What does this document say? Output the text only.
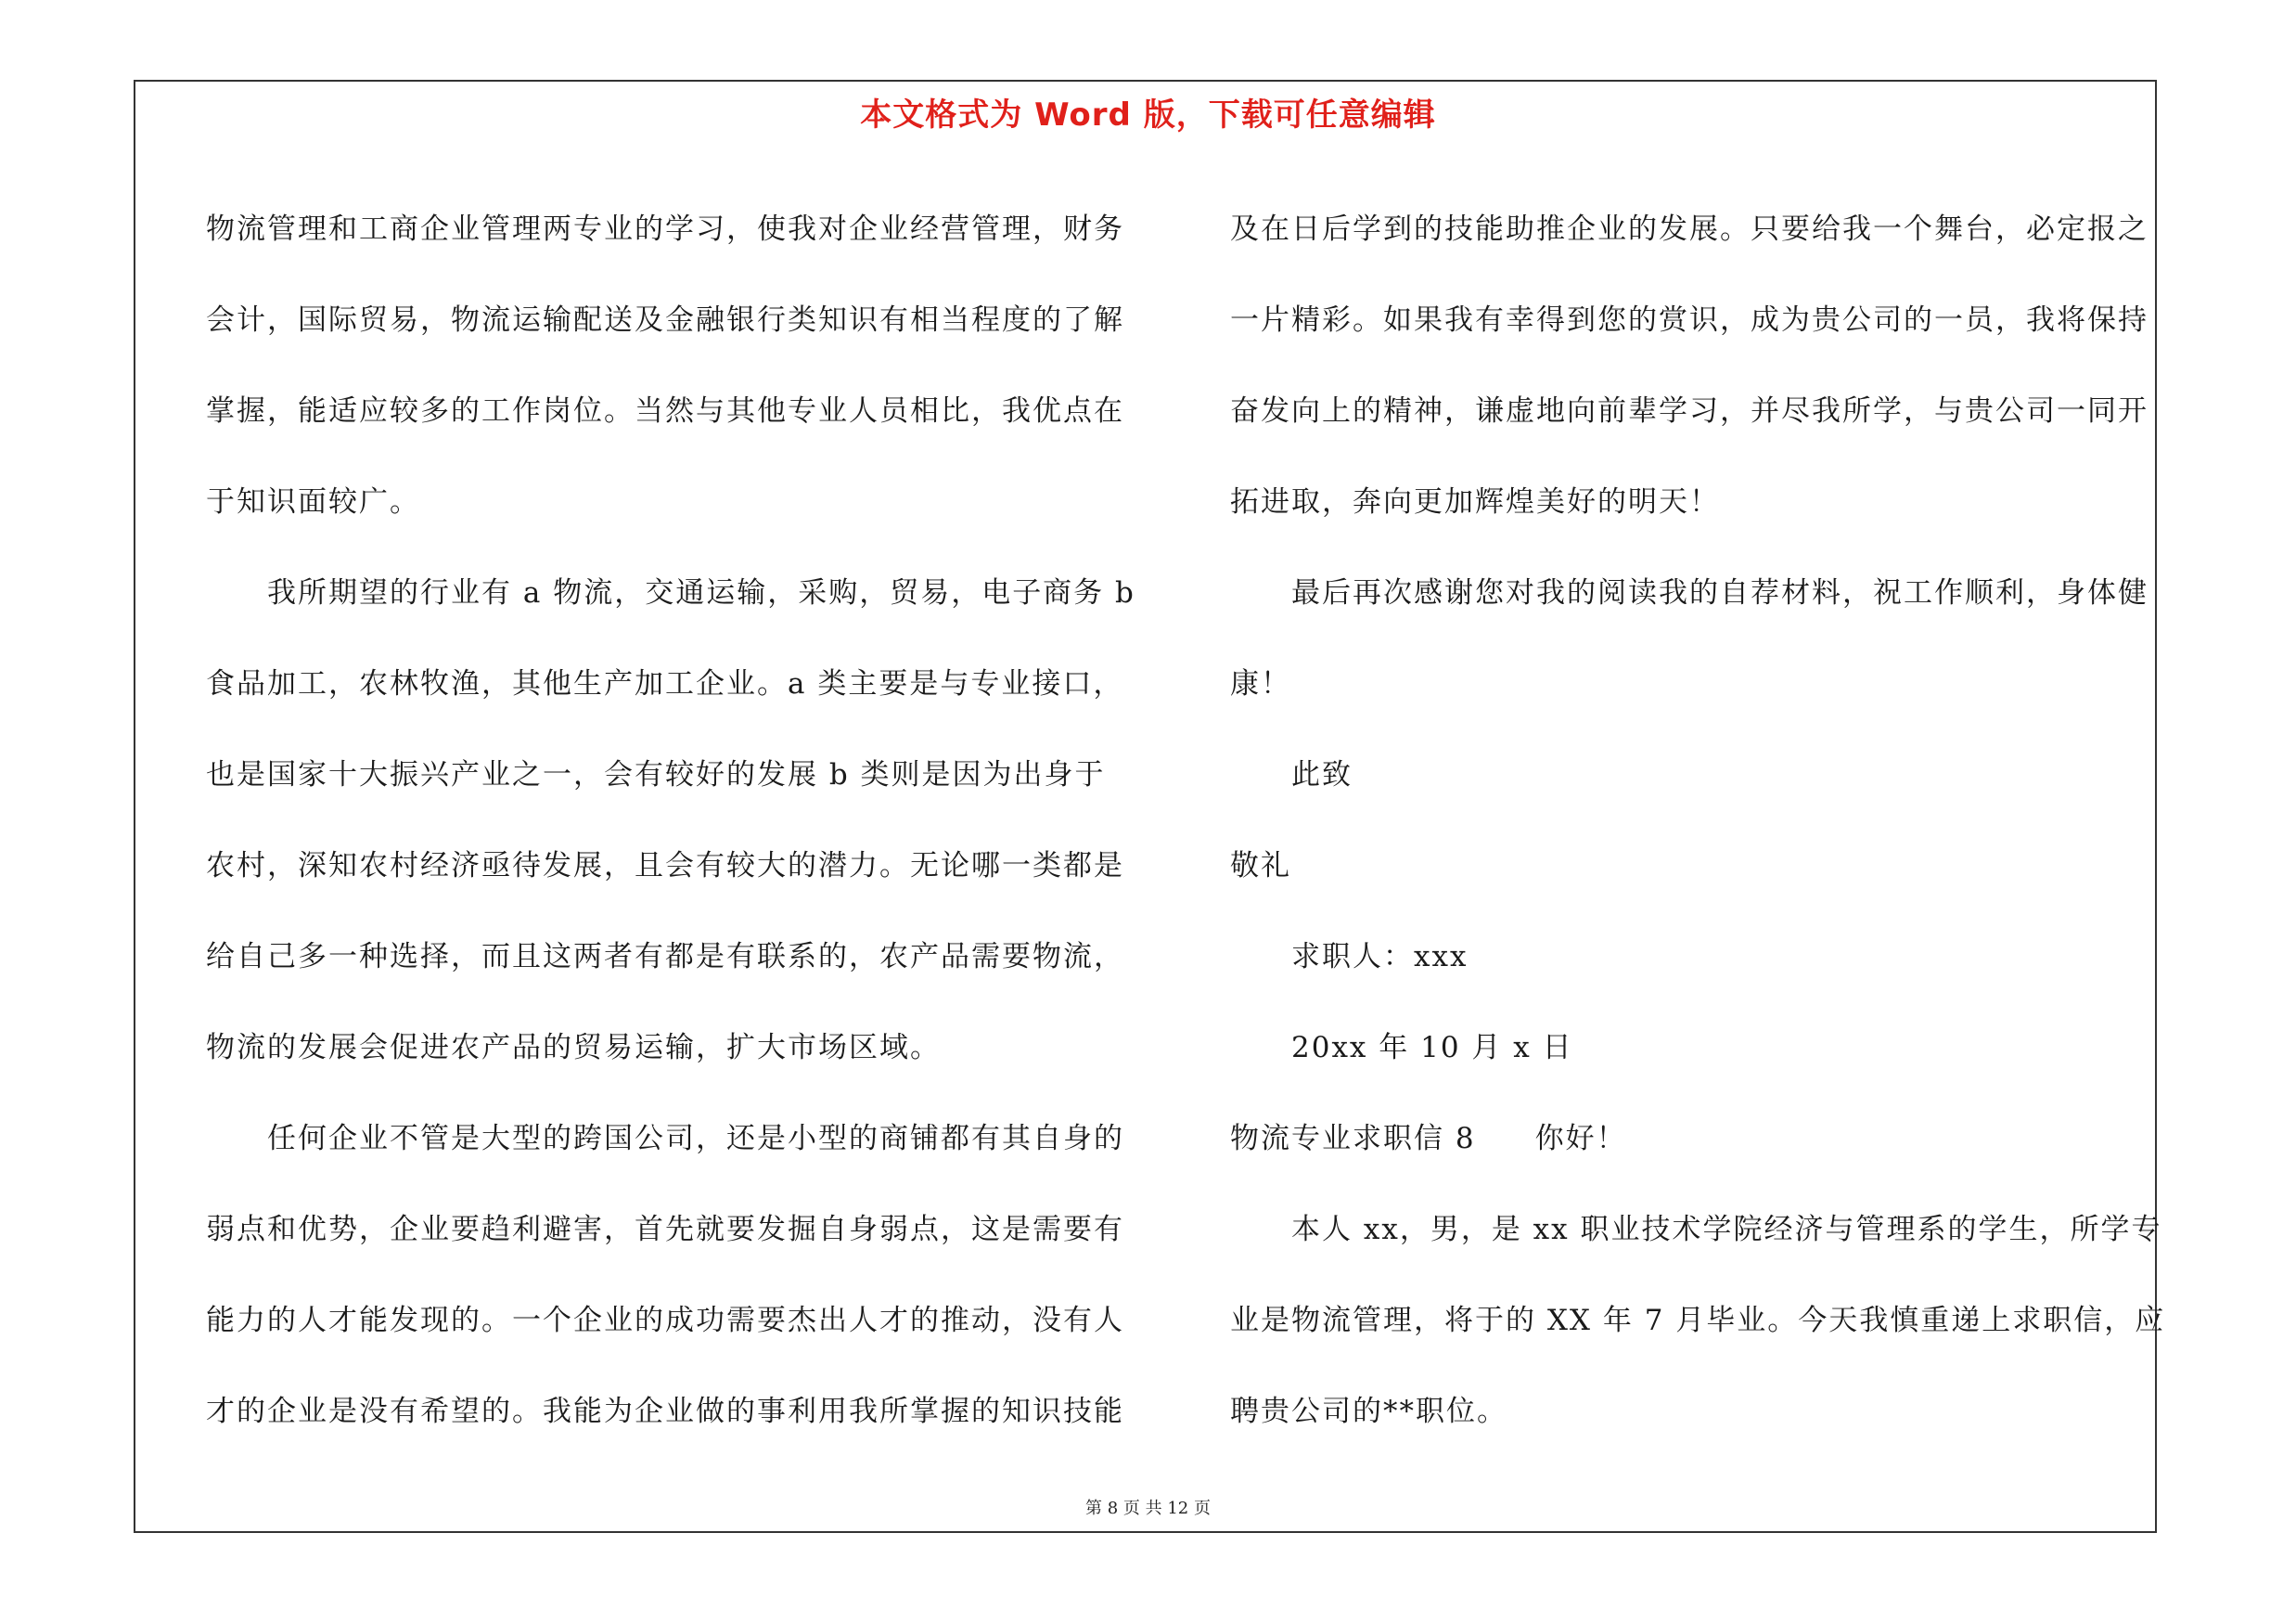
本文格式为 Word 版，下载可任意编辑
物流管理和工商企业管理两专业的学习，使我对企业经营管理，财务
会计，国际贸易，物流运输配送及金融银行类知识有相当程度的了解
掌握，能适应较多的工作岗位。当然与其他专业人员相比，我优点在
于知识面较广。
我所期望的行业有 a 物流，交通运输，采购，贸易，电子商务 b
食品加工，农林牧渔，其他生产加工企业。a 类主要是与专业接口，
也是国家十大振兴产业之一，会有较好的发展 b 类则是因为出身于
农村，深知农村经济亟待发展，且会有较大的潜力。无论哪一类都是
给自己多一种选择，而且这两者有都是有联系的，农产品需要物流，
物流的发展会促进农产品的贸易运输，扩大市场区域。
任何企业不管是大型的跨国公司，还是小型的商铺都有其自身的
弱点和优势，企业要趋利避害，首先就要发掘自身弱点，这是需要有
能力的人才能发现的。一个企业的成功需要杰出人才的推动，没有人
才的企业是没有希望的。我能为企业做的事利用我所掌握的知识技能
及在日后学到的技能助推企业的发展。只要给我一个舞台，必定报之
一片精彩。如果我有幸得到您的赏识，成为贵公司的一员，我将保持
奋发向上的精神，谦虚地向前辈学习，并尽我所学，与贵公司一同开
拓进取，奔向更加辉煌美好的明天！
最后再次感谢您对我的阅读我的自荐材料，祝工作顺利，身体健
康！
此致
敬礼
求职人：xxx
20xx 年 10 月 x 日
物流专业求职信 8 你好！
本人 xx，男，是 xx 职业技术学院经济与管理系的学生，所学专
业是物流管理，将于的 XX 年 7 月毕业。今天我慎重递上求职信，应
聘贵公司的**职位。
第 8 页 共 12 页
